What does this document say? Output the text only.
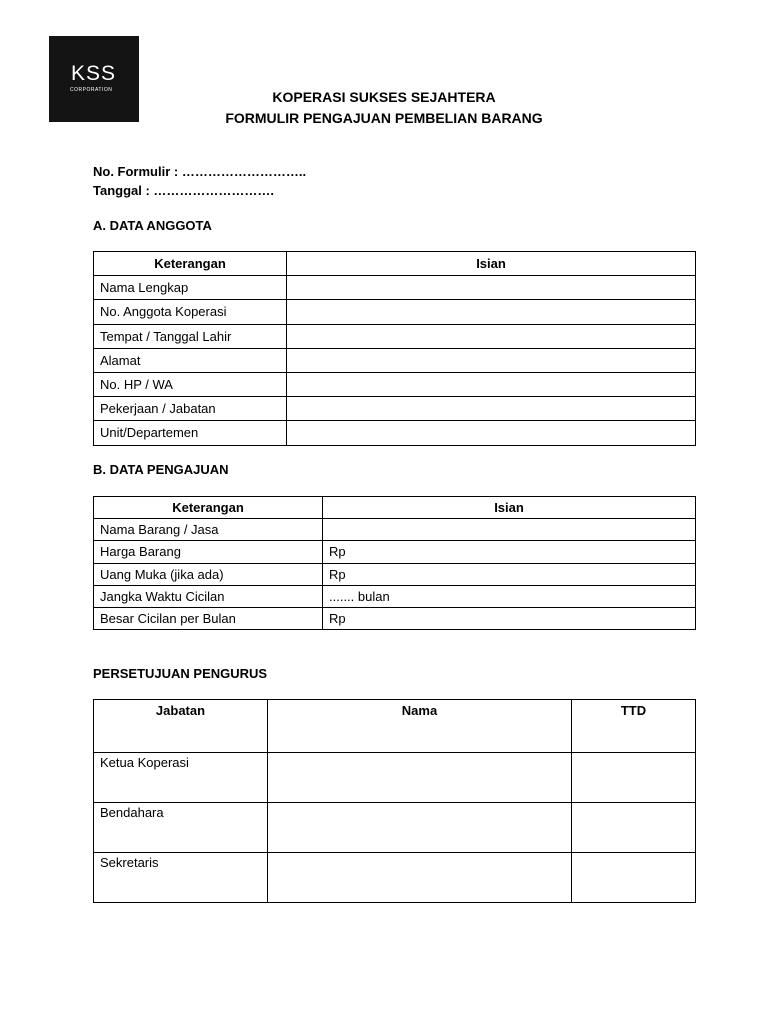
KSS
CORPORATION	KOPERASI SUKSES SEJAHTERA
FORMULIR PENGAJUAN PEMBELIAN BARANG
No. Formulir : ………………………..
Tanggal : ……………………….
A. DATA ANGGOTA
Keterangan	Isian
Nama Lengkap	
No. Anggota Koperasi	
Tempat / Tanggal Lahir	
Alamat	
No. HP / WA	
Pekerjaan / Jabatan	
Unit/Departemen	
B. DATA PENGAJUAN
Keterangan	Isian
Nama Barang / Jasa	
Harga Barang	Rp
Uang Muka (jika ada)	Rp
Jangka Waktu Cicilan	....... bulan
Besar Cicilan per Bulan	Rp
PERSETUJUAN PENGURUS
Jabatan	Nama	TTD
Ketua Koperasi		
Bendahara		
Sekretaris		
